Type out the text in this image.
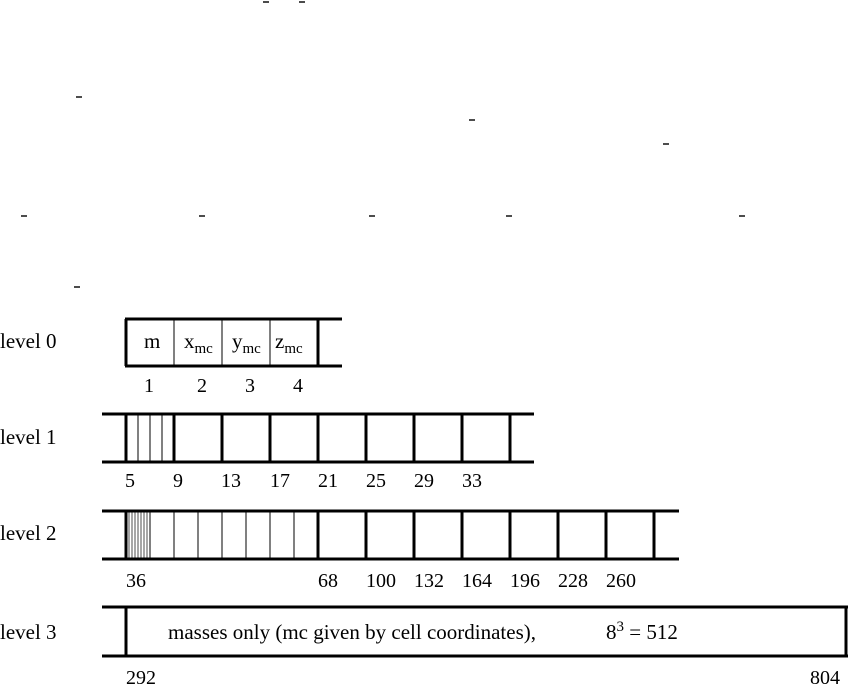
level 0	m $x_{mc}$ $y_{mc}$ $z_{mc}$
1 2 3 4
level 1
5 9 13 17 21 25 29 33
level 2
36	68 100 132 164 196 228 260
level 3	masses only (mc given by cell coordinates),	$8^3 = 512$
292	804
